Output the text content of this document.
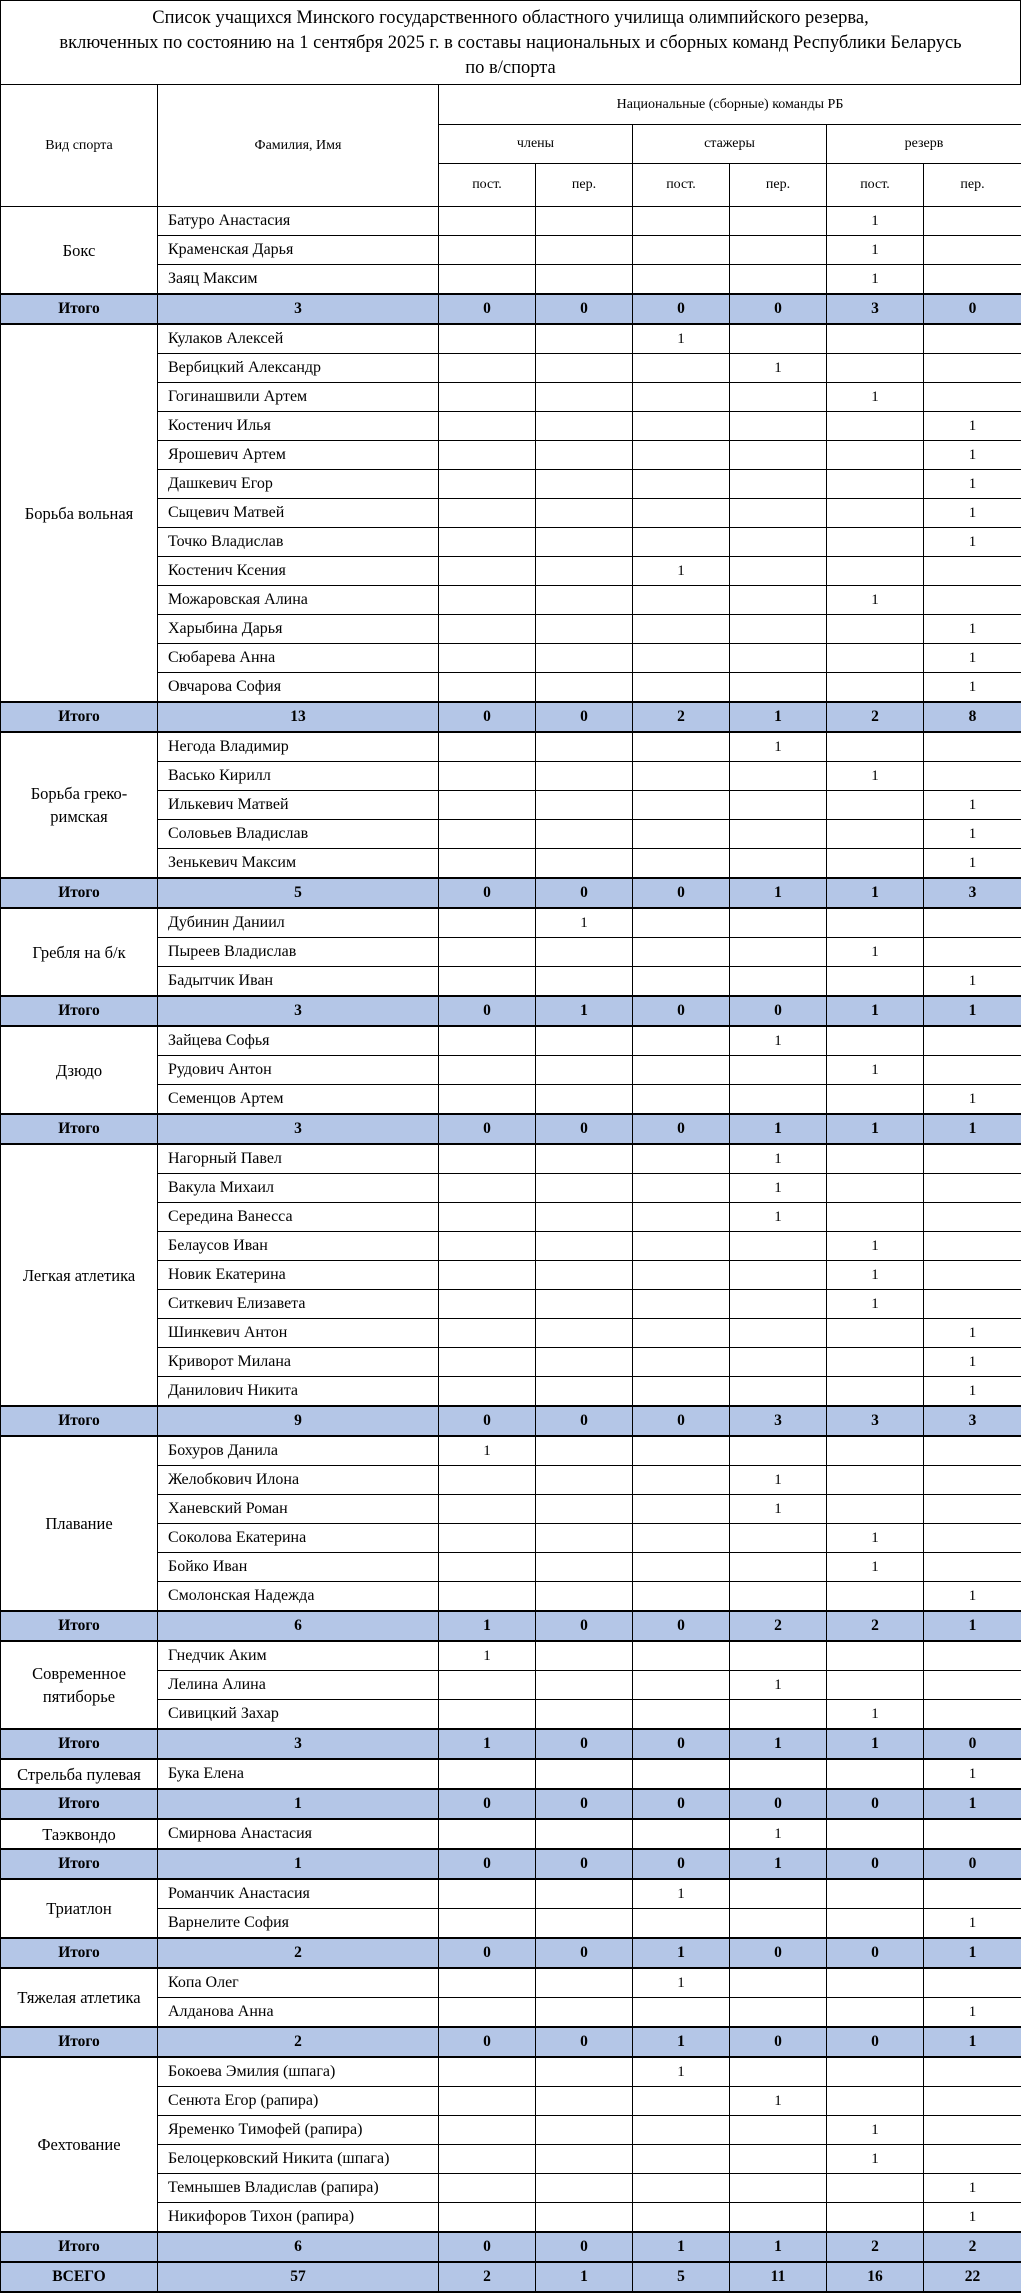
Список учащихся Минского государственного областного училища олимпийского резерва,
включенных по состоянию на 1 сентября 2025 г. в составы национальных и сборных команд Республики Беларусь
по в/спорта
Вид спорта	Фамилия, Имя	Национальные (сборные) команды РБ					
		члены		стажеры		резерв	
		пост.	пер.	пост.	пер.	пост.	пер.
Бокс	Батуро Анастасия					1	
	Краменская Дарья					1	
	Заяц Максим					1	
Итого	3	0	0	0	0	3	0
Борьба вольная	Кулаков Алексей			1			
	Вербицкий Александр				1		
	Гогинашвили Артем					1	
	Костенич Илья						1
	Ярошевич Артем						1
	Дашкевич Егор						1
	Сыцевич Матвей						1
	Точко Владислав						1
	Костенич Ксения			1			
	Можаровская Алина					1	
	Харыбина Дарья						1
	Сюбарева Анна						1
	Овчарова София						1
Итого	13	0	0	2	1	2	8
Борьба греко-римская	Негода Владимир				1		
	Васько Кирилл					1	
	Илькевич Матвей						1
	Соловьев Владислав						1
	Зенькевич Максим						1
Итого	5	0	0	0	1	1	3
Гребля на б/к	Дубинин Даниил		1				
	Пыреев Владислав					1	
	Бадытчик Иван						1
Итого	3	0	1	0	0	1	1
Дзюдо	Зайцева Софья				1		
	Рудович Антон					1	
	Семенцов Артем						1
Итого	3	0	0	0	1	1	1
Легкая атлетика	Нагорный Павел				1		
	Вакула Михаил				1		
	Середина Ванесса				1		
	Белаусов Иван					1	
	Новик Екатерина					1	
	Ситкевич Елизавета					1	
	Шинкевич Антон						1
	Криворот Милана						1
	Данилович Никита						1
Итого	9	0	0	0	3	3	3
Плавание	Бохуров Данила	1					
	Желобкович Илона				1		
	Ханевский Роман				1		
	Соколова Екатерина					1	
	Бойко Иван					1	
	Смолонская Надежда						1
Итого	6	1	0	0	2	2	1
Современное пятиборье	Гнедчик Аким	1					
	Лелина Алина				1		
	Сивицкий Захар					1	
Итого	3	1	0	0	1	1	0
Стрельба пулевая	Бука Елена						1
Итого	1	0	0	0	0	0	1
Таэквондо	Смирнова Анастасия				1		
Итого	1	0	0	0	1	0	0
Триатлон	Романчик Анастасия			1			
	Варнелите София						1
Итого	2	0	0	1	0	0	1
Тяжелая атлетика	Копа Олег			1			
	Алданова Анна						1
Итого	2	0	0	1	0	0	1
Фехтование	Бокоева Эмилия (шпага)			1			
	Сенюта Егор (рапира)				1		
	Яременко Тимофей (рапира)					1	
	Белоцерковский Никита (шпага)					1	
	Темнышев Владислав (рапира)						1
	Никифоров Тихон (рапира)						1
Итого	6	0	0	1	1	2	2
ВСЕГО	57	2	1	5	11	16	22
